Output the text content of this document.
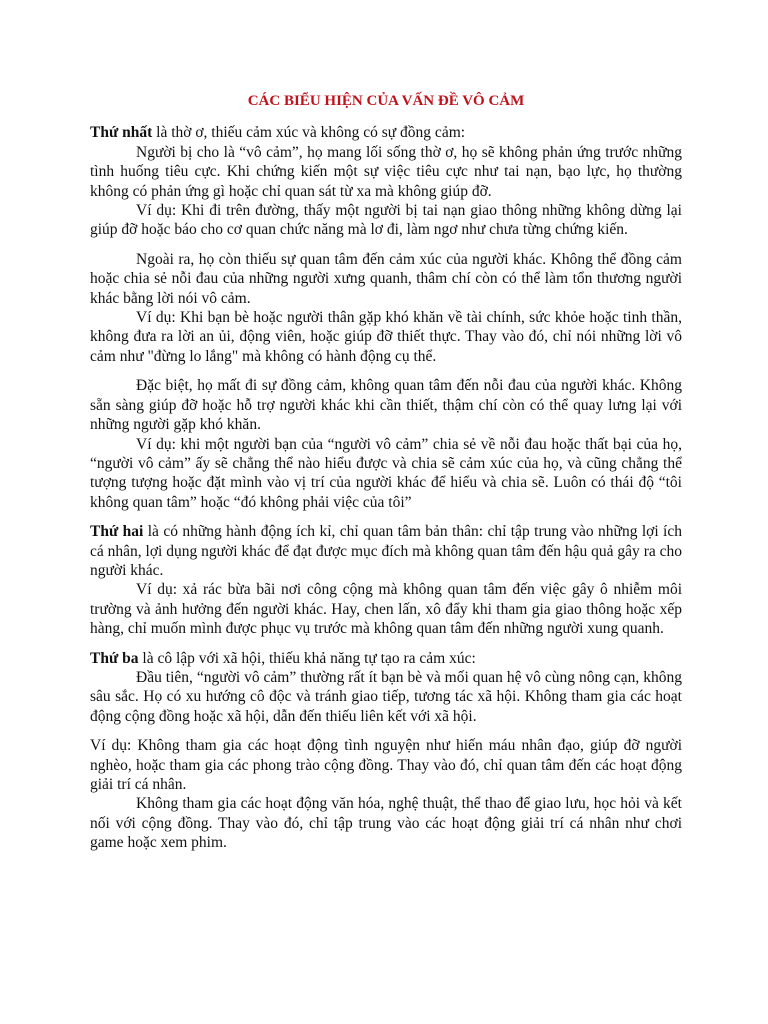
CÁC BIỂU HIỆN CỦA VẤN ĐỀ VÔ CẢM

Thứ nhất là thờ ơ, thiếu cảm xúc và không có sự đồng cảm:

Người bị cho là “vô cảm”, họ mang lối sống thờ ơ, họ sẽ không phản ứng trước những tình huống tiêu cực. Khi chứng kiến một sự việc tiêu cực như tai nạn, bạo lực, họ thường không có phản ứng gì hoặc chỉ quan sát từ xa mà không giúp đỡ.

Ví dụ: Khi đi trên đường, thấy một người bị tai nạn giao thông những không dừng lại giúp đỡ hoặc báo cho cơ quan chức năng mà lơ đi, làm ngơ như chưa từng chứng kiến.

Ngoài ra, họ còn thiếu sự quan tâm đến cảm xúc của người khác. Không thể đồng cảm hoặc chia sẻ nỗi đau của những người xưng quanh, thâm chí còn có thể làm tổn thương người khác bằng lời nói vô cảm.

Ví dụ: Khi bạn bè hoặc người thân gặp khó khăn về tài chính, sức khỏe hoặc tinh thần, không đưa ra lời an ủi, động viên, hoặc giúp đỡ thiết thực. Thay vào đó, chỉ nói những lời vô cảm như "đừng lo lắng" mà không có hành động cụ thể.

Đặc biệt, họ mất đi sự đồng cảm, không quan tâm đến nỗi đau của người khác. Không sẵn sàng giúp đỡ hoặc hỗ trợ người khác khi cần thiết, thậm chí còn có thể quay lưng lại với những người gặp khó khăn.

Ví dụ: khi một người bạn của “người vô cảm” chia sẻ về nỗi đau hoặc thất bại của họ, “người vô cảm” ấy sẽ chẳng thể nào hiểu được và chia sẽ cảm xúc của họ, và cũng chẳng thể tượng tượng hoặc đặt mình vào vị trí của người khác để hiểu và chia sẽ. Luôn có thái độ “tôi không quan tâm” hoặc “đó không phải việc của tôi”

Thứ hai là có những hành động ích kỉ, chỉ quan tâm bản thân: chỉ tập trung vào những lợi ích cá nhân, lợi dụng người khác để đạt được mục đích mà không quan tâm đến hậu quả gây ra cho người khác.

Ví dụ: xả rác bừa bãi nơi công cộng mà không quan tâm đến việc gây ô nhiễm môi trường và ảnh hưởng đến người khác. Hay, chen lấn, xô đẩy khi tham gia giao thông hoặc xếp hàng, chỉ muốn mình được phục vụ trước mà không quan tâm đến những người xung quanh.

Thứ ba là cô lập với xã hội, thiếu khả năng tự tạo ra cảm xúc:

Đầu tiên, “người vô cảm” thường rất ít bạn bè và mối quan hệ vô cùng nông cạn, không sâu sắc. Họ có xu hướng cô độc và tránh giao tiếp, tương tác xã hội. Không tham gia các hoạt động cộng đồng hoặc xã hội, dẫn đến thiếu liên kết với xã hội.

Ví dụ: Không tham gia các hoạt động tình nguyện như hiến máu nhân đạo, giúp đỡ người nghèo, hoặc tham gia các phong trào cộng đồng. Thay vào đó, chỉ quan tâm đến các hoạt động giải trí cá nhân.

Không tham gia các hoạt động văn hóa, nghệ thuật, thể thao để giao lưu, học hỏi và kết nối với cộng đồng. Thay vào đó, chỉ tập trung vào các hoạt động giải trí cá nhân như chơi game hoặc xem phim.
